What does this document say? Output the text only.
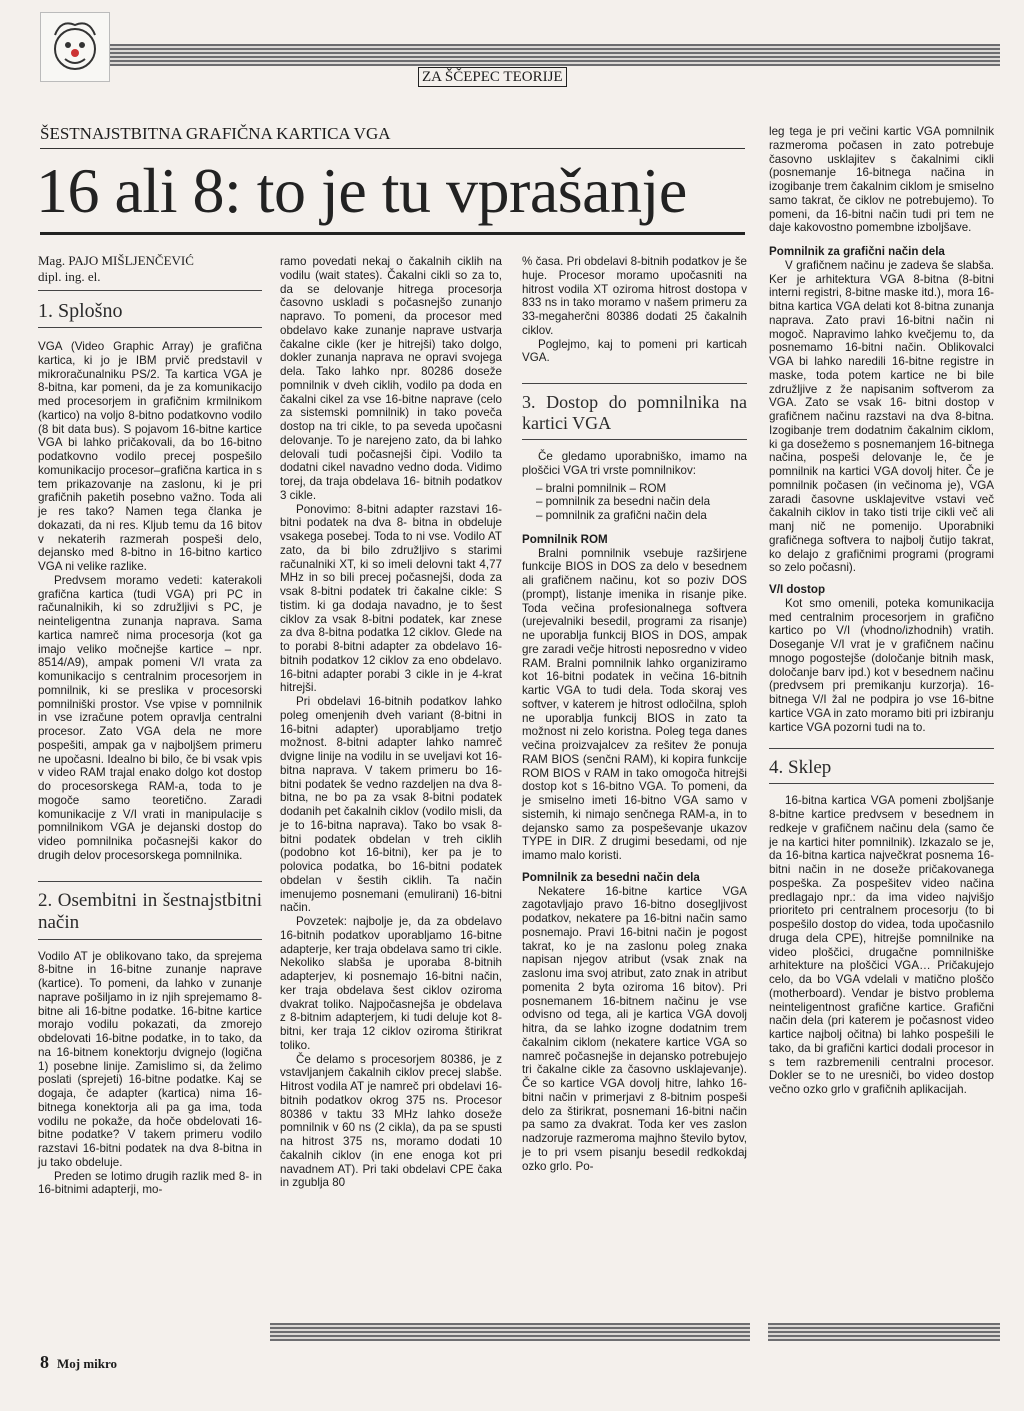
ZA ŠČEPEC TEORIJE
ŠESTNAJSTBITNA GRAFIČNA KARTICA VGA
16 ali 8: to je tu vprašanje
Mag. PAJO MIŠLJENČEVIĆ
dipl. ing. el.
1. Splošno

VGA (Video Graphic Array) je grafična kartica, ki jo je IBM prvič predstavil v mikroračunalniku PS/2. Ta kartica VGA je 8-bitna, kar pomeni, da je za komunikacijo med procesorjem in grafičnim krmilnikom (kartico) na voljo 8-bitno podatkovno vodilo (8 bit data bus). S pojavom 16-bitne kartice VGA bi lahko pričakovali, da bo 16-bitno podatkovno vodilo precej pospešilo komunikacijo procesor–grafična kartica in s tem prikazovanje na zaslonu, ki je pri grafičnih paketih posebno važno. Toda ali je res tako? Namen tega članka je dokazati, da ni res. Kljub temu da 16 bitov v nekaterih razmerah pospeši delo, dejansko med 8-bitno in 16-bitno kartico VGA ni velike razlike.

Predvsem moramo vedeti: katerakoli grafična kartica (tudi VGA) pri PC in računalnikih, ki so združljivi s PC, je neinteligentna zunanja naprava. Sama kartica namreč nima procesorja (kot ga imajo veliko močnejše kartice – npr. 8514/A9), ampak pomeni V/I vrata za komunikacijo s centralnim procesorjem in pomnilnik, ki se preslika v procesorski pomnilniški prostor. Vse vpise v pomnilnik in vse izračune potem opravlja centralni procesor. Zato VGA dela ne more pospešiti, ampak ga v najboljšem primeru ne upočasni. Idealno bi bilo, če bi vsak vpis v video RAM trajal enako dolgo kot dostop do procesorskega RAM-a, toda to je mogoče samo teoretično. Zaradi komunikacije z V/I vrati in manipulacije s pomnilnikom VGA je dejanski dostop do video pomnilnika počasnejši kakor do drugih delov procesorskega pomnilnika.

2. Osembitni in šestnajstbitni način

Vodilo AT je oblikovano tako, da sprejema 8-bitne in 16-bitne zunanje naprave (kartice). To pomeni, da lahko v zunanje naprave pošiljamo in iz njih sprejemamo 8-bitne ali 16-bitne podatke. 16-bitne kartice morajo vodilu pokazati, da zmorejo obdelovati 16-bitne podatke, in to tako, da na 16-bitnem konektorju dvignejo (logična 1) posebne linije. Zamislimo si, da želimo poslati (sprejeti) 16-bitne podatke. Kaj se dogaja, če adapter (kartica) nima 16-bitnega konektorja ali pa ga ima, toda vodilu ne pokaže, da hoče obdelovati 16-bitne podatke? V takem primeru vodilo razstavi 16-bitni podatek na dva 8-bitna in ju tako obdeluje.

Preden se lotimo drugih razlik med 8- in 16-bitnimi adapterji, mo-

ramo povedati nekaj o čakalnih ciklih na vodilu (wait states). Čakalni cikli so za to, da se delovanje hitrega procesorja časovno uskladi s počasnejšo zunanjo napravo. To pomeni, da procesor med obdelavo kake zunanje naprave ustvarja čakalne cikle (ker je hitrejši) tako dolgo, dokler zunanja naprava ne opravi svojega dela. Tako lahko npr. 80286 doseže pomnilnik v dveh ciklih, vodilo pa doda en čakalni cikel za vse 16-bitne naprave (celo za sistemski pomnilnik) in tako poveča dostop na tri cikle, to pa seveda upočasni delovanje. To je narejeno zato, da bi lahko delovali tudi počasnejši čipi. Vodilo ta dodatni cikel navadno vedno doda. Vidimo torej, da traja obdelava 16- bitnih podatkov 3 cikle.

Ponovimo: 8-bitni adapter razstavi 16-bitni podatek na dva 8- bitna in obdeluje vsakega posebej. Toda to ni vse. Vodilo AT zato, da bi bilo združljivo s starimi računalniki XT, ki so imeli delovni takt 4,77 MHz in so bili precej počasnejši, doda za vsak 8-bitni podatek tri čakalne cikle: S tistim. ki ga dodaja navadno, je to šest ciklov za vsak 8-bitni podatek, kar znese za dva 8-bitna podatka 12 ciklov. Glede na to porabi 8-bitni adapter za obdelavo 16-bitnih podatkov 12 ciklov za eno obdelavo. 16-bitni adapter porabi 3 cikle in je 4-krat hitrejši.

Pri obdelavi 16-bitnih podatkov lahko poleg omenjenih dveh variant (8-bitni in 16-bitni adapter) uporabljamo tretjo možnost. 8-bitni adapter lahko namreč dvigne linije na vodilu in se uveljavi kot 16-bitna naprava. V takem primeru bo 16- bitni podatek še vedno razdeljen na dva 8-bitna, ne bo pa za vsak 8-bitni podatek dodanih pet čakalnih ciklov (vodilo misli, da je to 16-bitna naprava). Tako bo vsak 8-bitni podatek obdelan v treh ciklih (podobno kot 16-bitni), ker pa je to polovica podatka, bo 16-bitni podatek obdelan v šestih ciklih. Ta način imenujemo posnemani (emulirani) 16-bitni način.

Povzetek: najbolje je, da za obdelavo 16-bitnih podatkov uporabljamo 16-bitne adapterje, ker traja obdelava samo tri cikle. Nekoliko slabša je uporaba 8-bitnih adapterjev, ki posnemajo 16-bitni način, ker traja obdelava šest ciklov oziroma dvakrat toliko. Najpočasnejša je obdelava z 8-bitnim adapterjem, ki tudi deluje kot 8-bitni, ker traja 12 ciklov oziroma štirikrat toliko.

Če delamo s procesorjem 80386, je z vstavljanjem čakalnih ciklov precej slabše. Hitrost vodila AT je namreč pri obdelavi 16- bitnih podatkov okrog 375 ns. Procesor 80386 v taktu 33 MHz lahko doseže pomnilnik v 60 ns (2 cikla), da pa se spusti na hitrost 375 ns, moramo dodati 10 čakalnih ciklov (in ene enoga kot pri navadnem AT). Pri taki obdelavi CPE čaka in zgublja 80

% časa. Pri obdelavi 8-bitnih podatkov je še huje. Procesor moramo upočasniti na hitrost vodila XT oziroma hitrost dostopa v 833 ns in tako moramo v našem primeru za 33-megaherčni 80386 dodati 25 čakalnih ciklov.

Poglejmo, kaj to pomeni pri karticah VGA.

3. Dostop do pomnilnika na kartici VGA

Če gledamo uporabniško, imamo na ploščici VGA tri vrste pomnilnikov:

– bralni pomnilnik – ROM
– pomnilnik za besedni način dela
– pomnilnik za grafični način dela
Pomnilnik ROM

Bralni pomnilnik vsebuje razširjene funkcije BIOS in DOS za delo v besednem ali grafičnem načinu, kot so poziv DOS (prompt), listanje imenika in risanje pike. Toda večina profesionalnega softvera (urejevalniki besedil, programi za risanje) ne uporablja funkcij BIOS in DOS, ampak gre zaradi večje hitrosti neposredno v video RAM. Bralni pomnilnik lahko organiziramo kot 16-bitni podatek in večina 16-bitnih kartic VGA to tudi dela. Toda skoraj ves softver, v katerem je hitrost odločilna, sploh ne uporablja funkcij BIOS in zato ta možnost ni zelo koristna. Poleg tega danes večina proizvajalcev za rešitev že ponuja RAM BIOS (senčni RAM), ki kopira funkcije ROM BIOS v RAM in tako omogoča hitrejši dostop kot s 16-bitno VGA. To pomeni, da je smiselno imeti 16-bitno VGA samo v sistemih, ki nimajo senčnega RAM-a, in to dejansko samo za pospeševanje ukazov TYPE in DIR. Z drugimi besedami, od nje imamo malo koristi.

Pomnilnik za besedni način dela

Nekatere 16-bitne kartice VGA zagotavljajo pravo 16-bitno dosegljivost podatkov, nekatere pa 16-bitni način samo posnemajo. Pravi 16-bitni način je pogost takrat, ko je na zaslonu poleg znaka napisan njegov atribut (vsak znak na zaslonu ima svoj atribut, zato znak in atribut pomenita 2 byta oziroma 16 bitov). Pri posnemanem 16-bitnem načinu je vse odvisno od tega, ali je kartica VGA dovolj hitra, da se lahko izogne dodatnim trem čakalnim ciklom (nekatere kartice VGA so namreč počasnejše in dejansko potrebujejo tri čakalne cikle za časovno usklajevanje). Če so kartice VGA dovolj hitre, lahko 16-bitni način v primerjavi z 8-bitnim pospeši delo za štirikrat, posnemani 16-bitni način pa samo za dvakrat. Toda ker ves zaslon nadzoruje razmeroma majhno število bytov, je to pri vsem pisanju besedil redkokdaj ozko grlo. Po-

leg tega je pri večini kartic VGA pomnilnik razmeroma počasen in zato potrebuje časovno usklajitev s čakalnimi cikli (posnemanje 16-bitnega načina in izogibanje trem čakalnim ciklom je smiselno samo takrat, če ciklov ne potrebujemo). To pomeni, da 16-bitni način tudi pri tem ne daje kakovostno pomembne izboljšave.

Pomnilnik za grafični način dela

V grafičnem načinu je zadeva še slabša. Ker je arhitektura VGA 8-bitna (8-bitni interni registri, 8-bitne maske itd.), mora 16-bitna kartica VGA delati kot 8-bitna zunanja naprava. Zato pravi 16-bitni način ni mogoč. Napravimo lahko kvečjemu to, da posnemamo 16-bitni način. Oblikovalci VGA bi lahko naredili 16-bitne registre in maske, toda potem kartice ne bi bile združljive z že napisanim softverom za VGA. Zato se vsak 16- bitni dostop v grafičnem načinu razstavi na dva 8-bitna. Izogibanje trem dodatnim čakalnim ciklom, ki ga dosežemo s posnemanjem 16-bitnega načina, pospeši delovanje le, če je pomnilnik na kartici VGA dovolj hiter. Če je pomnilnik počasen (in večinoma je), VGA zaradi časovne usklajevitve vstavi več čakalnih ciklov in tako tisti trije cikli več ali manj nič ne pomenijo. Uporabniki grafičnega softvera to najbolj čutijo takrat, ko delajo z grafičnimi programi (programi so zelo počasni).

V/I dostop

Kot smo omenili, poteka komunikacija med centralnim procesorjem in grafično kartico po V/I (vhodno/izhodnih) vratih. Doseganje V/I vrat je v grafičnem načinu mnogo pogostejše (določanje bitnih mask, določanje barv ipd.) kot v besednem načinu (predvsem pri premikanju kurzorja). 16-bitnega V/I žal ne podpira jo vse 16-bitne kartice VGA in zato moramo biti pri izbiranju kartice VGA pozorni tudi na to.

4. Sklep

16-bitna kartica VGA pomeni zboljšanje 8-bitne kartice predvsem v besednem in redkeje v grafičnem načinu dela (samo če je na kartici hiter pomnilnik). Izkazalo se je, da 16-bitna kartica največkrat posnema 16-bitni način in ne doseže pričakovanega pospeška. Za pospešitev video načina predlagajo npr.: da ima video najvišjo prioriteto pri centralnem procesorju (to bi pospešilo dostop do videa, toda upočasnilo druga dela CPE), hitrejše pomnilnike na video ploščici, drugačne pomnilniške arhitekture na ploščici VGA… Pričakujejo celo, da bo VGA vdelali v matično ploščo (motherboard). Vendar je bistvo problema neinteligentnost grafične kartice. Grafični način dela (pri katerem je počasnost video kartice najbolj očitna) bi lahko pospešili le tako, da bi grafični kartici dodali procesor in s tem razbremenili centralni procesor. Dokler se to ne uresniči, bo video dostop večno ozko grlo v grafičnih aplikacijah.

8 Moj mikro
